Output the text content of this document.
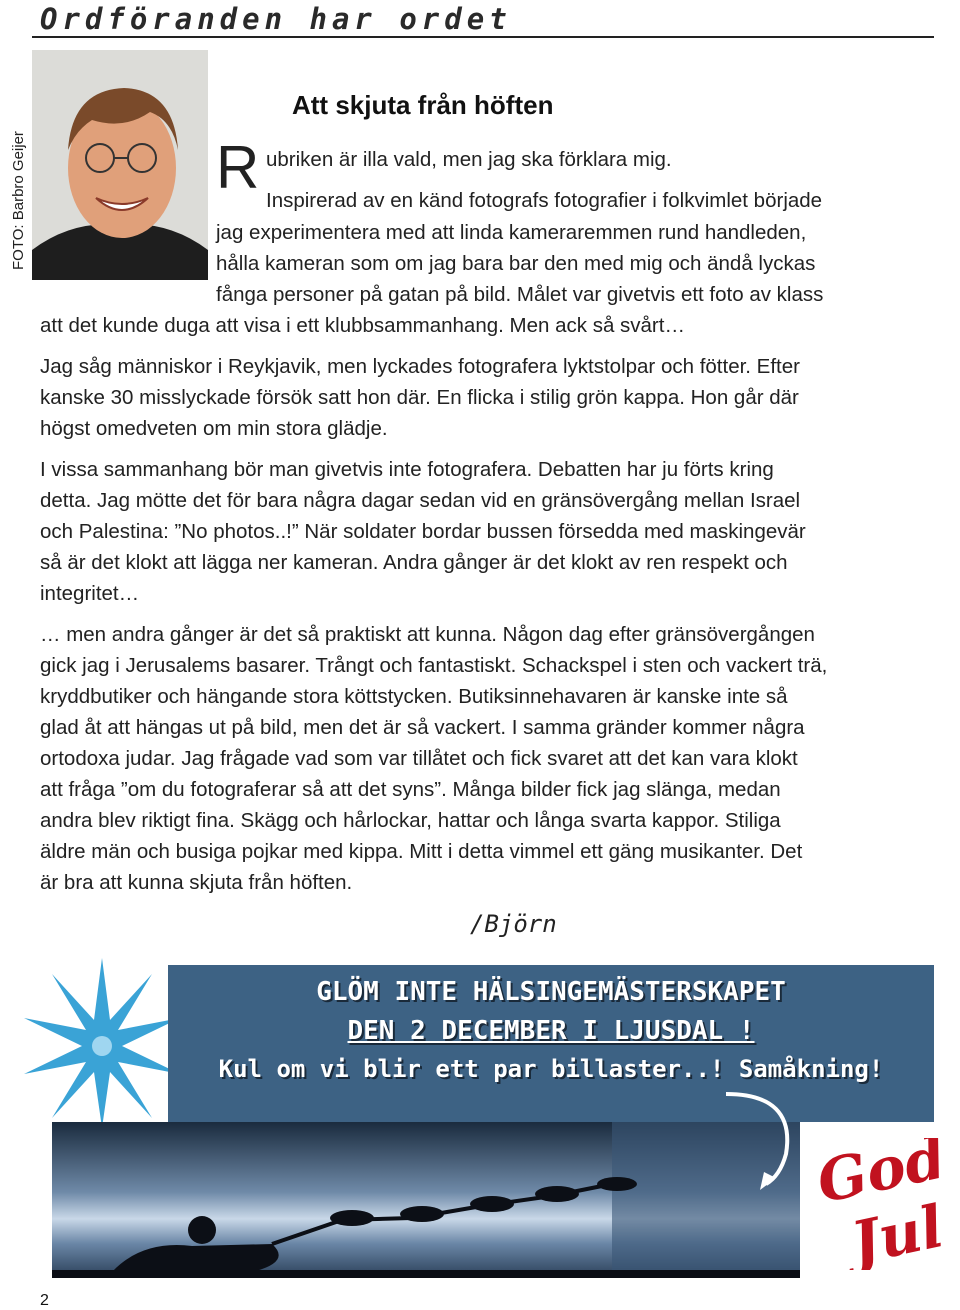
Ordföranden har ordet
FOTO: Barbro Geijer
Att skjuta från höften
R ubriken är illa vald, men jag ska förklara mig.
Inspirerad av en känd fotografs fotografier i folkvimlet började
jag experimentera med att linda kameraremmen rund handleden,
hålla kameran som om jag bara bar den med mig och ändå lyckas
fånga personer på gatan på bild. Målet var givetvis ett foto av klass
att det kunde duga att visa i ett klubbsammanhang. Men ack så svårt…
Jag såg människor i Reykjavik, men lyckades fotografera lyktstolpar och fötter. Efter
kanske 30 misslyckade försök satt hon där. En flicka i stilig grön kappa. Hon går där
högst omedveten om min stora glädje.
I vissa sammanhang bör man givetvis inte fotografera. Debatten har ju förts kring
detta. Jag mötte det för bara några dagar sedan vid en gränsövergång mellan Israel
och Palestina: ”No photos..!” När soldater bordar bussen försedda med maskingevär
så är det klokt att lägga ner kameran. Andra gånger är det klokt av ren respekt och
integritet…
… men andra gånger är det så praktiskt att kunna. Någon dag efter gränsövergången
gick jag i Jerusalems basarer. Trångt och fantastiskt. Schackspel i sten och vackert trä,
kryddbutiker och hängande stora köttstycken. Butiksinnehavaren är kanske inte så
glad åt att hängas ut på bild, men det är så vackert. I samma gränder kommer några
ortodoxa judar. Jag frågade vad som var tillåtet och fick svaret att det kan vara klokt
att fråga ”om du fotograferar så att det syns”. Många bilder fick jag slänga, medan
andra blev riktigt fina. Skägg och hårlockar, hattar och långa svarta kappor. Stiliga
äldre män och busiga pojkar med kippa. Mitt i detta vimmel ett gäng musikanter. Det
är bra att kunna skjuta från höften.
/Björn
GLÖM INTE HÄLSINGEMÄSTERSKAPET
DEN 2 DECEMBER I LJUSDAL !
Kul om vi blir ett par billaster..! Samåkning!
God
Jul
2
